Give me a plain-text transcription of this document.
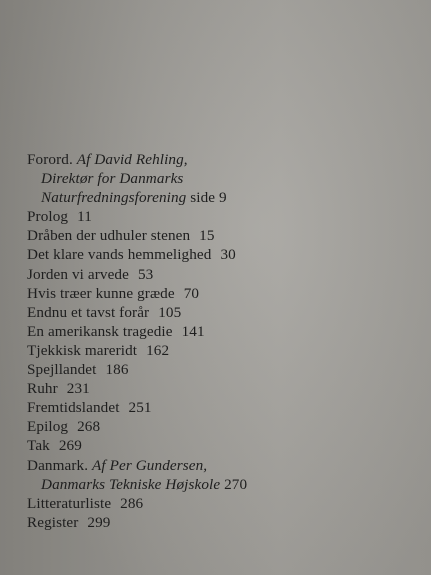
Forord. Af David Rehling,
Direktør for Danmarks
Naturfredningsforening side 9
Prolog 11
Dråben der udhuler stenen 15
Det klare vands hemmelighed 30
Jorden vi arvede 53
Hvis træer kunne græde 70
Endnu et tavst forår 105
En amerikansk tragedie 141
Tjekkisk mareridt 162
Spejllandet 186
Ruhr 231
Fremtidslandet 251
Epilog 268
Tak 269
Danmark. Af Per Gundersen,
Danmarks Tekniske Højskole 270
Litteraturliste 286
Register 299
